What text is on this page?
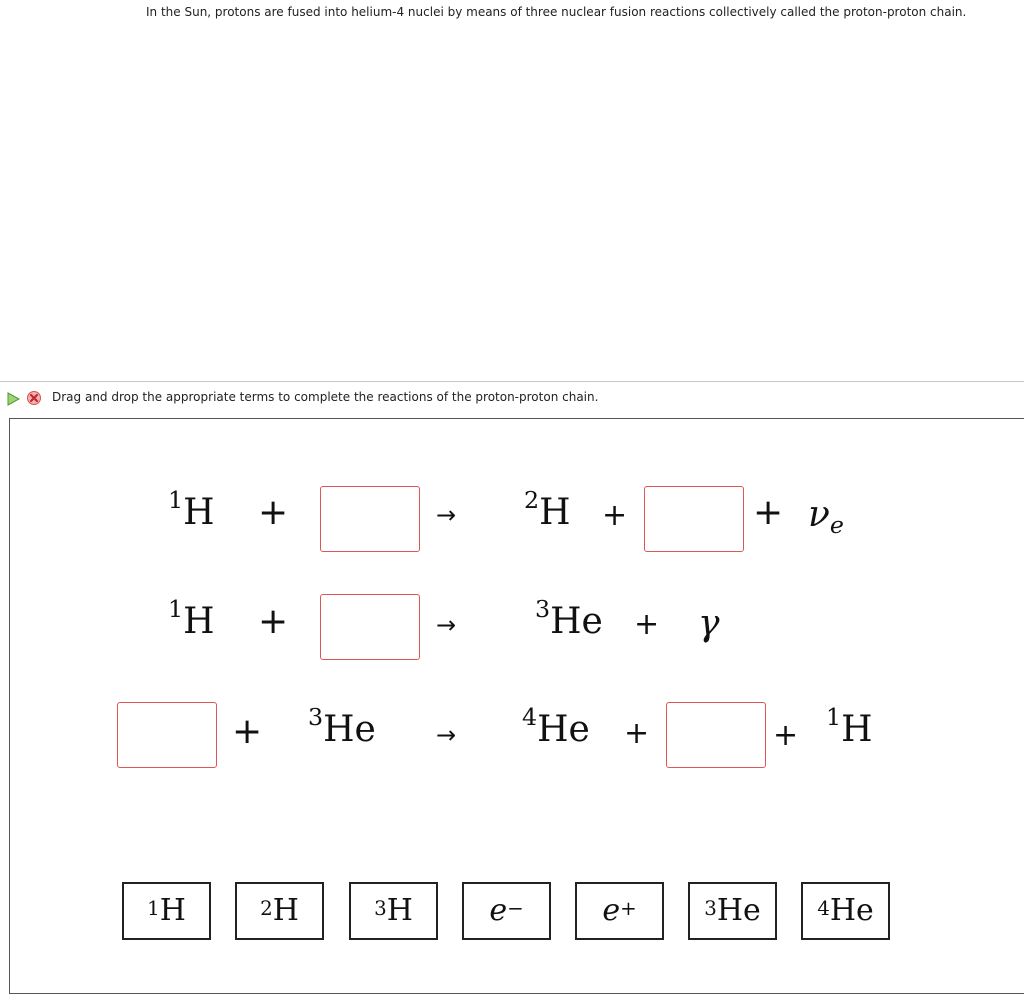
In the Sun, protons are fused into helium-4 nuclei by means of three nuclear fusion reactions collectively called the proton-proton chain.
Drag and drop the appropriate terms to complete the reactions of the proton-proton chain.
$^1$H +	→
$^2$H +	+ νe
$^1$H +	→
$^3$He + γ
+ $^3$He	→
$^4$He +	+
$^1$H
$^1$ H	$^2$ H	$^3$ H	e−	e+	$^3$ He	$^4$ He
